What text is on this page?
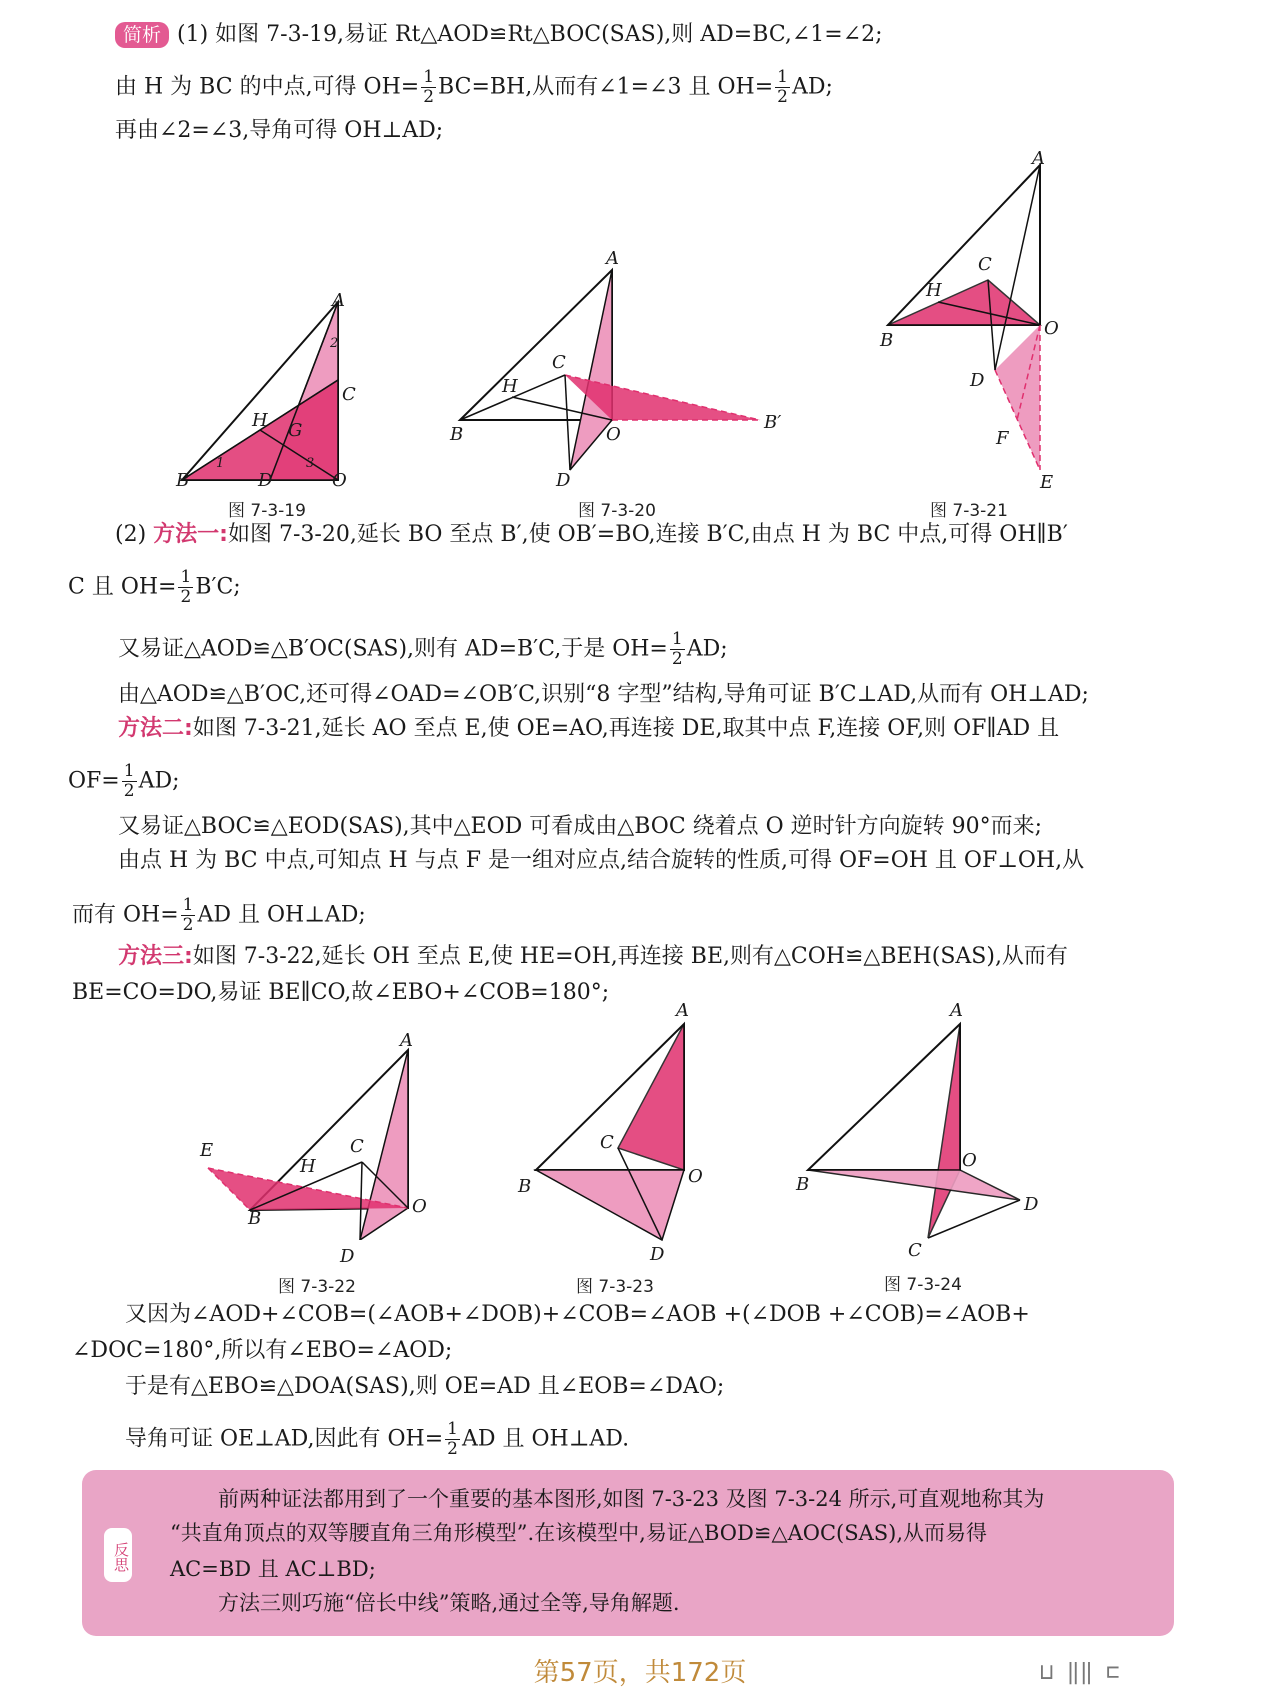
简析 (1) 如图 7-3-19,易证 Rt△AOD≌Rt△BOC(SAS),则 AD=BC,∠1=∠2;
由 H 为 BC 的中点,可得 $OH= \frac{1}{2} BC=BH$,从而有∠1=∠3 且 $OH= \frac{1}{2}$ AD;
再由∠2=∠3,导角可得 OH⊥AD;
A
C
H G
B	D	O
1
2
3
图 7-3-19
A
C
H
B	O
B′
D
图 7-3-20
A
C
H
B
O
D
F
E
图 7-3-21
(2) 方法一:如图 7-3-20,延长 BO 至点 B′,使 OB′=BO,连接 B′C,由点 H 为 BC 中点,可得 OH∥B′
C 且 $OH= \frac{1}{2} B'C$;
又易证△AOD≌△B′OC(SAS),则有 AD=B′C,于是 $OH= \frac{1}{2}$ AD;
由△AOD≌△B′OC,还可得∠OAD=∠OB′C,识别“8 字型”结构,导角可证 B′C⊥AD,从而有 OH⊥AD;
方法二:如图 7-3-21,延长 AO 至点 E,使 OE=AO,再连接 DE,取其中点 F,连接 OF,则 OF∥AD 且
$OF= \frac{1}{2}$ AD;
又易证△BOC≌△EOD(SAS),其中△EOD 可看成由△BOC 绕着点 O 逆时针方向旋转 90°而来;
由点 H 为 BC 中点,可知点 H 与点 F 是一组对应点,结合旋转的性质,可得 OF=OH 且 OF⊥OH,从
而有 $OH= \frac{1}{2}$ AD 且 OH⊥AD;
方法三:如图 7-3-22,延长 OH 至点 E,使 HE=OH,再连接 BE,则有△COH≌△BEH(SAS),从而有
BE=CO=DO,易证 BE∥CO,故∠EBO+∠COB=180°;
A
C
H
E
B
O
D
图 7-3-22
A
C
B	O
D
图 7-3-23
A
O
B
D
C
图 7-3-24
又因为∠AOD+∠COB=(∠AOB+∠DOB)+∠COB=∠AOB +(∠DOB +∠COB)=∠AOB+
∠DOC=180°,所以有∠EBO=∠AOD;
于是有△EBO≌△DOA(SAS),则 OE=AD 且∠EOB=∠DAO;
导角可证 OE⊥AD,因此有 $OH= \frac{1}{2}$ AD 且 OH⊥AD.
反思
前两种证法都用到了一个重要的基本图形,如图 7-3-23 及图 7-3-24 所示,可直观地称其为
“共直角顶点的双等腰直角三角形模型”.在该模型中,易证△BOD≌△AOC(SAS),从而易得
AC=BD 且 AC⊥BD;
方法三则巧施“倍长中线”策略,通过全等,导角解题.
第57页，共172页	⊔ ‖‖ ⊏
